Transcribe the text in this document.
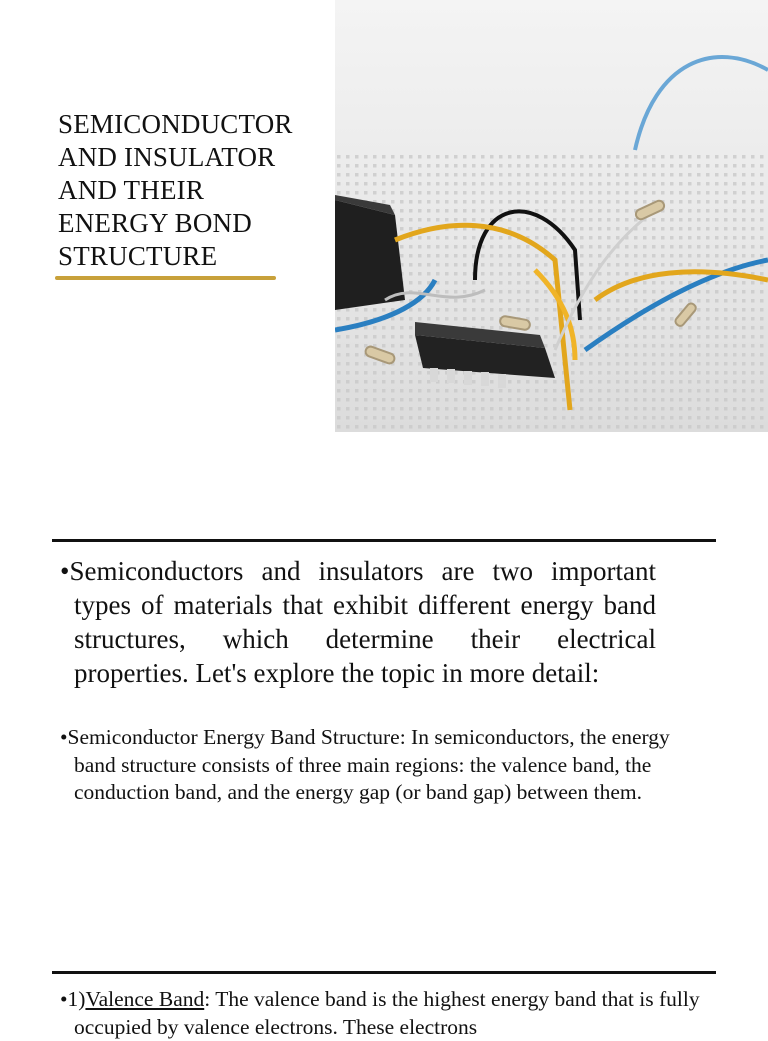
SEMICONDUCTOR AND INSULATOR AND THEIR ENERGY BOND STRUCTURE

•Semiconductors and insulators are two important types of materials that exhibit different energy band structures, which determine their electrical properties. Let's explore the topic in more detail:

•Semiconductor Energy Band Structure: In semiconductors, the energy band structure consists of three main regions: the valence band, the conduction band, and the energy gap (or band gap) between them.

•1)Valence Band: The valence band is the highest energy band that is fully occupied by valence electrons. These electrons
